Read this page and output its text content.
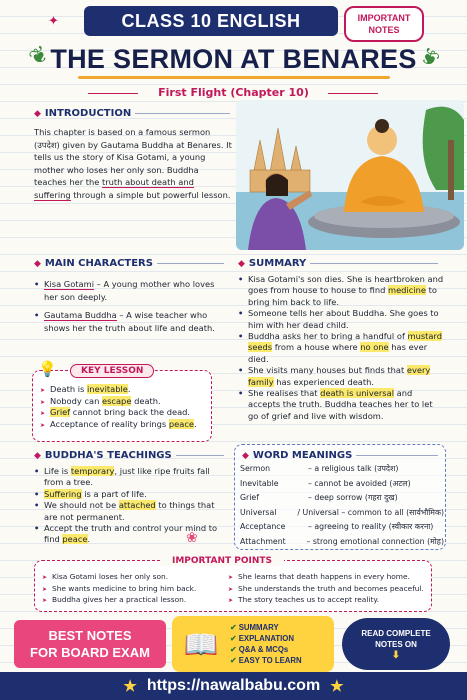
✦	CLASS 10 ENGLISH	IMPORTANT
NOTES
❦	❦
THE SERMON AT BENARES
First Flight (Chapter 10)
◆ INTRODUCTION
This chapter is based on a famous sermon (उपदेश) given by Gautama Buddha at Benares. It tells us the story of Kisa Gotami, a young mother who loses her only son. Buddha teaches her the truth about death and suffering through a simple but powerful lesson.
◆ MAIN CHARACTERS
• Kisa Gotami – A young mother who loves her son deeply.
• Gautama Buddha – A wise teacher who shows her the truth about life and death.
💡	KEY LESSON
➤ Death is inevitable.
➤ Nobody can escape death.
➤ Grief cannot bring back the dead.
➤ Acceptance of reality brings peace.
◆ BUDDHA'S TEACHINGS
• Life is temporary, just like ripe fruits fall from a tree.
• Suffering is a part of life.
• We should not be attached to things that are not permanent.
• Accept the truth and control your mind to find peace.	❀
◆ SUMMARY
• Kisa Gotami's son dies. She is heartbroken and goes from house to house to find medicine to bring him back to life.
• Someone tells her about Buddha. She goes to him with her dead child.
• Buddha asks her to bring a handful of mustard seeds from a house where no one has ever died.
• She visits many houses but finds that every family has experienced death.
• She realises that death is universal and accepts the truth. Buddha teaches her to let go of grief and live with wisdom.
◆ WORD MEANINGS
Sermon	– a religious talk (उपदेश)
Inevitable	– cannot be avoided (अटल)
Grief	– deep sorrow (गहरा दुख)
Universal	/ Universal – common to all (सार्वभौमिक)
Acceptance	– agreeing to reality (स्वीकार करना)
Attachment	– strong emotional connection (मोह)
IMPORTANT POINTS
➤ Kisa Gotami loses her only son.
➤ She wants medicine to bring him back.
➤ Buddha gives her a practical lesson.
➤ She learns that death happens in every home.
➤ She understands the truth and becomes peaceful.
➤ The story teaches us to accept reality.
BEST NOTES
FOR BOARD EXAM	📖
✔	SUMMARY
✔ EXPLANATION
✔ Q&A & MCQs
✔ EASY TO LEARN
READ COMPLETE
NOTES ON
⬇
★ https://nawalbabu.com ★
